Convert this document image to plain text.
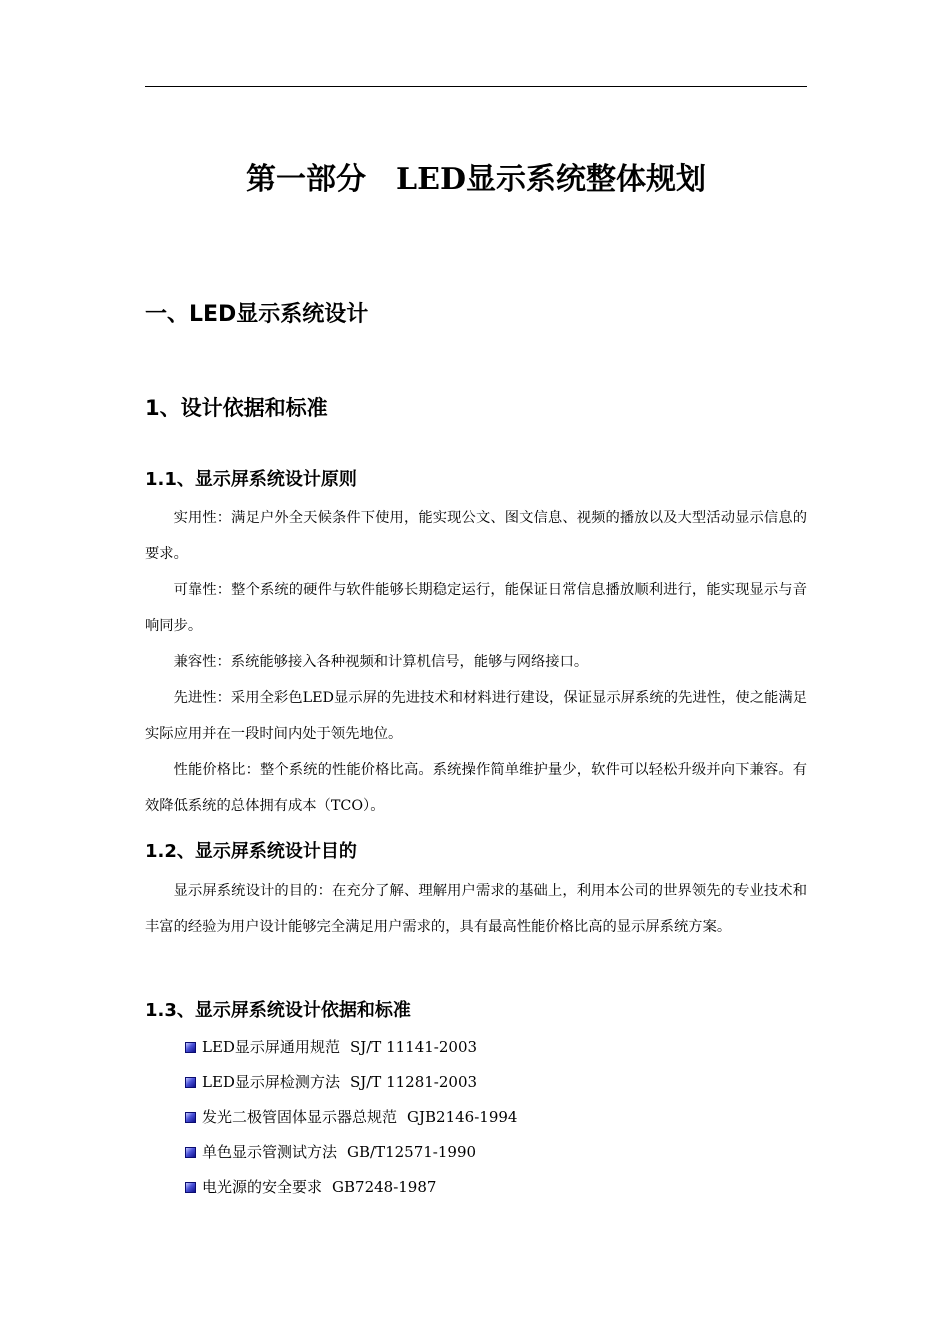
第一部分　LED显示系统整体规划
一、LED显示系统设计
1、设计依据和标准
1.1、显示屏系统设计原则

实用性：满足户外全天候条件下使用，能实现公文、图文信息、视频的播放以及大型活动显示信息的要求。

可靠性：整个系统的硬件与软件能够长期稳定运行，能保证日常信息播放顺利进行，能实现显示与音响同步。

兼容性：系统能够接入各种视频和计算机信号，能够与网络接口。

先进性：采用全彩色LED显示屏的先进技术和材料进行建设，保证显示屏系统的先进性，使之能满足实际应用并在一段时间内处于领先地位。

性能价格比：整个系统的性能价格比高。系统操作简单维护量少，软件可以轻松升级并向下兼容。有效降低系统的总体拥有成本（TCO）。

1.2、显示屏系统设计目的

显示屏系统设计的目的：在充分了解、理解用户需求的基础上，利用本公司的世界领先的专业技术和丰富的经验为用户设计能够完全满足用户需求的，具有最高性能价格比高的显示屏系统方案。

1.3、显示屏系统设计依据和标准
LED显示屏通用规范 SJ/T 11141-2003
LED显示屏检测方法 SJ/T 11281-2003
发光二极管固体显示器总规范 GJB2146-1994
单色显示管测试方法 GB/T12571-1990
电光源的安全要求 GB7248-1987
